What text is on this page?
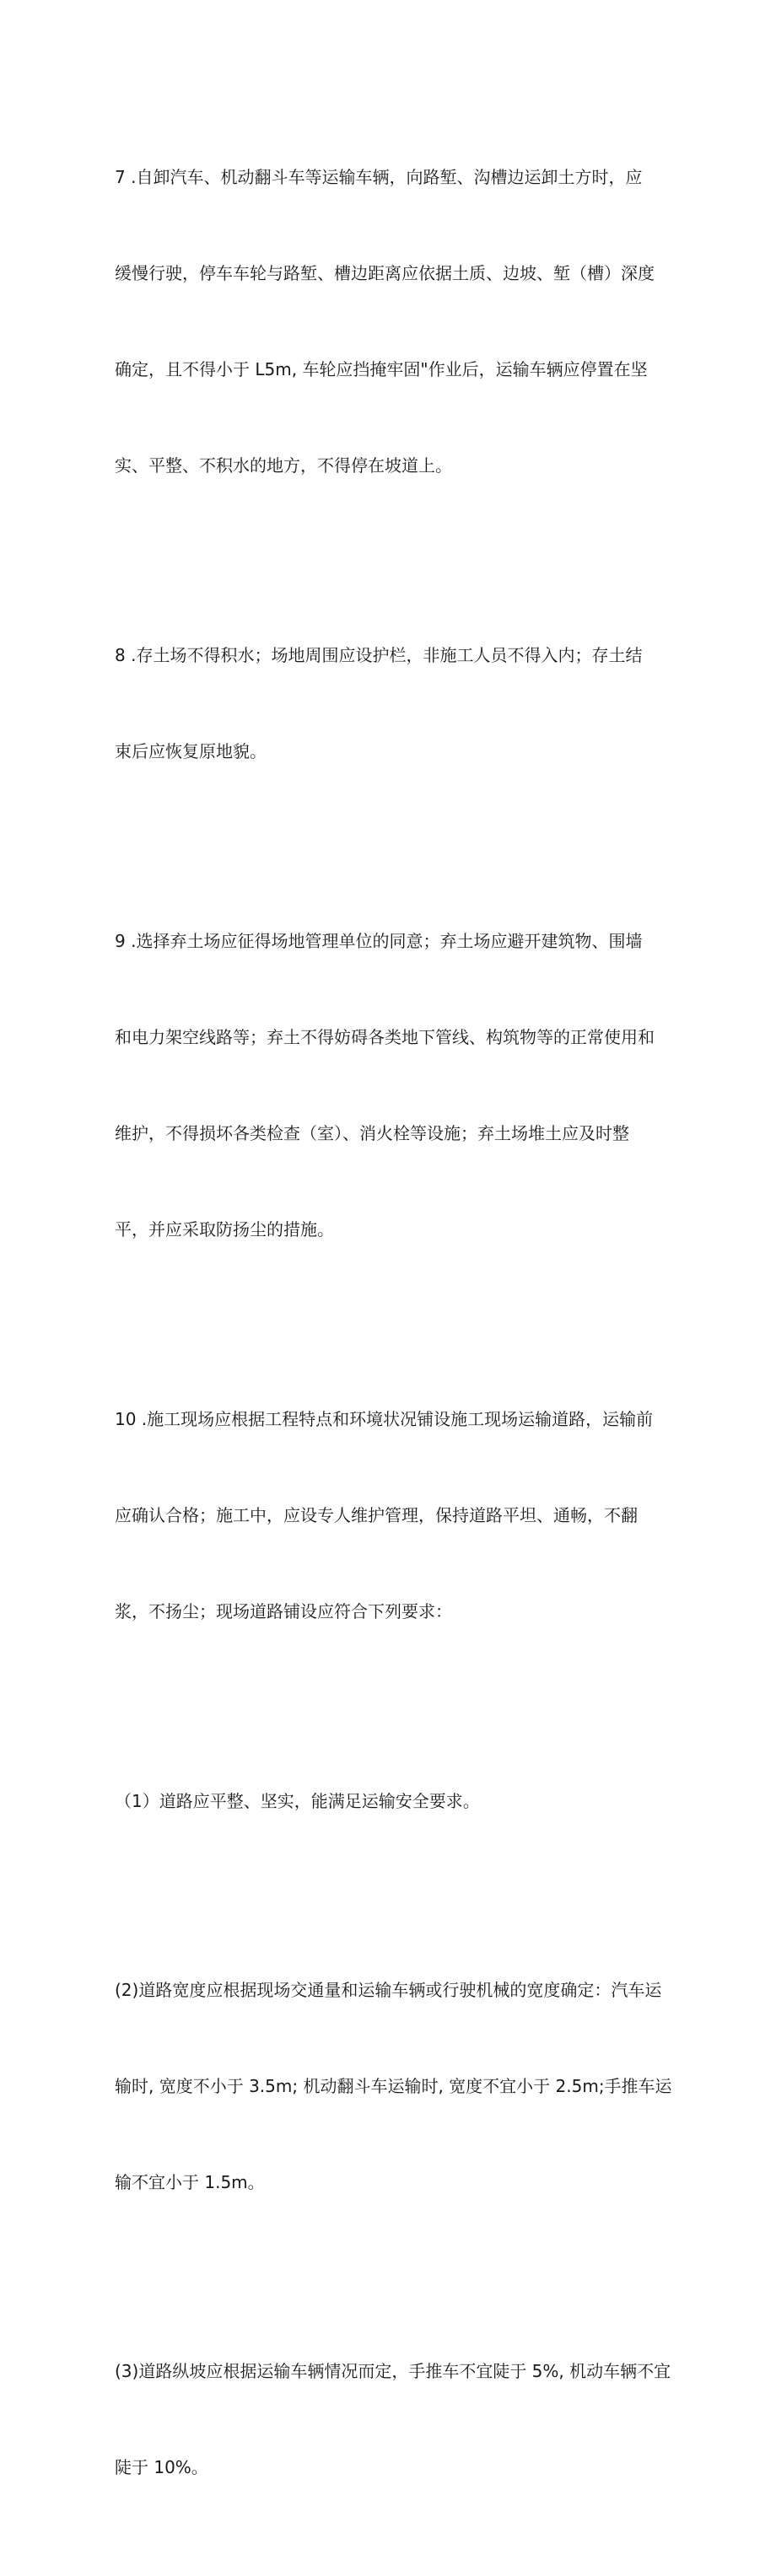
7 .自卸汽车、机动翻斗车等运输车辆，向路堑、沟槽边运卸土方时，应

缓慢行驶，停车车轮与路堑、槽边距离应依据土质、边坡、堑（槽）深度

确定，且不得小于 L5m, 车轮应挡掩牢固"作业后，运输车辆应停置在坚

实、平整、不积水的地方，不得停在坡道上。

8 .存土场不得积水；场地周围应设护栏，非施工人员不得入内；存土结

束后应恢复原地貌。

9 .选择弃土场应征得场地管理单位的同意；弃土场应避开建筑物、围墙

和电力架空线路等；弃土不得妨碍各类地下管线、构筑物等的正常使用和

维护，不得损坏各类检查（室）、消火栓等设施；弃土场堆土应及时整

平，并应采取防扬尘的措施。

10 .施工现场应根据工程特点和环境状况铺设施工现场运输道路，运输前

应确认合格；施工中，应设专人维护管理，保持道路平坦、通畅，不翻

浆，不扬尘；现场道路铺设应符合下列要求：

（1）道路应平整、坚实，能满足运输安全要求。

(2)道路宽度应根据现场交通量和运输车辆或行驶机械的宽度确定：汽车运

输时, 宽度不小于 3.5m; 机动翻斗车运输时, 宽度不宜小于 2.5m;手推车运

输不宜小于 1.5m。

(3)道路纵坡应根据运输车辆情况而定，手推车不宜陡于 5%, 机动车辆不宜

陡于 10%。
